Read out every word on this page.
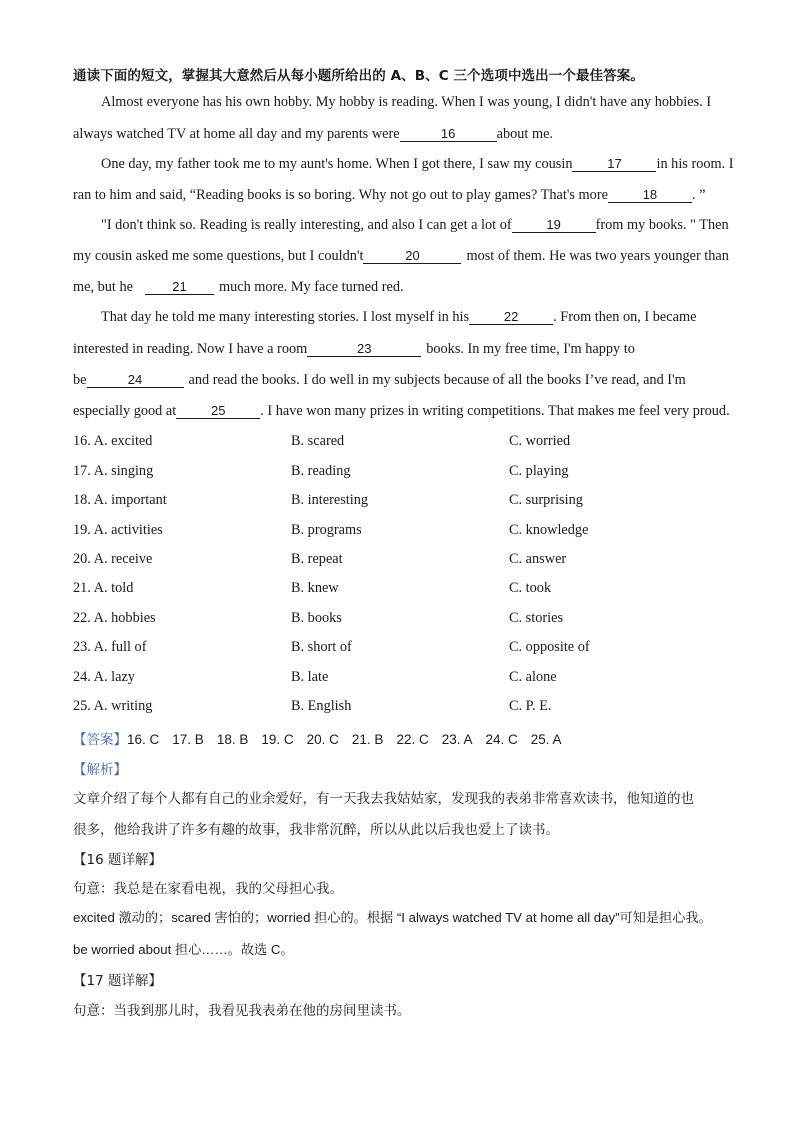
通读下面的短文，掌握其大意然后从每小题所给出的 A、B、C 三个选项中选出一个最佳答案。
Almost everyone has his own hobby. My hobby is reading. When I was young, I didn't have any hobbies. I
always watched TV at home all day and my parents were	16	about me.
One day, my father took me to my aunt's home. When I got there, I saw my cousin	17 in his room. I
ran to him and said, “Reading books is so boring. Why not go out to play games? That's more	18 . ”
"I don't think so. Reading is really interesting, and also I can get a lot of	19 from my books. " Then
my cousin asked me some questions, but I couldn't	20	most of them. He was two years younger than
me, but he	21 much more. My face turned red.
That day he told me many interesting stories. I lost myself in his	22 . From then on, I became
interested in reading. Now I have a room	23	books. In my free time, I'm happy to
be	24	and read the books. I do well in my subjects because of all the books I’ve read, and I'm
especially good at	25 . I have won many prizes in writing competitions. That makes me feel very proud.
16. A. excited	B. scared	C. worried
17. A. singing	B. reading	C. playing
18. A. important	B. interesting	C. surprising
19. A. activities	B. programs	C. knowledge
20. A. receive	B. repeat	C. answer
21. A. told	B. knew	C. took
22. A. hobbies	B. books	C. stories
23. A. full of	B. short of	C. opposite of
24. A. lazy	B. late	C. alone
25. A. writing	B. English	C. P. E.
【答案】16. C 17. B 18. B 19. C 20. C 21. B 22. C 23. A 24. C 25. A
【解析】
文章介绍了每个人都有自己的业余爱好，有一天我去我姑姑家，发现我的表弟非常喜欢读书，他知道的也
很多，他给我讲了许多有趣的故事，我非常沉醉，所以从此以后我也爱上了读书。
【16 题详解】
句意：我总是在家看电视，我的父母担心我。
excited 激动的；scared 害怕的；worried 担心的。根据 “I always watched TV at home all day”可知是担心我。
be worried about 担心……。故选 C。
【17 题详解】
句意：当我到那儿时，我看见我表弟在他的房间里读书。
